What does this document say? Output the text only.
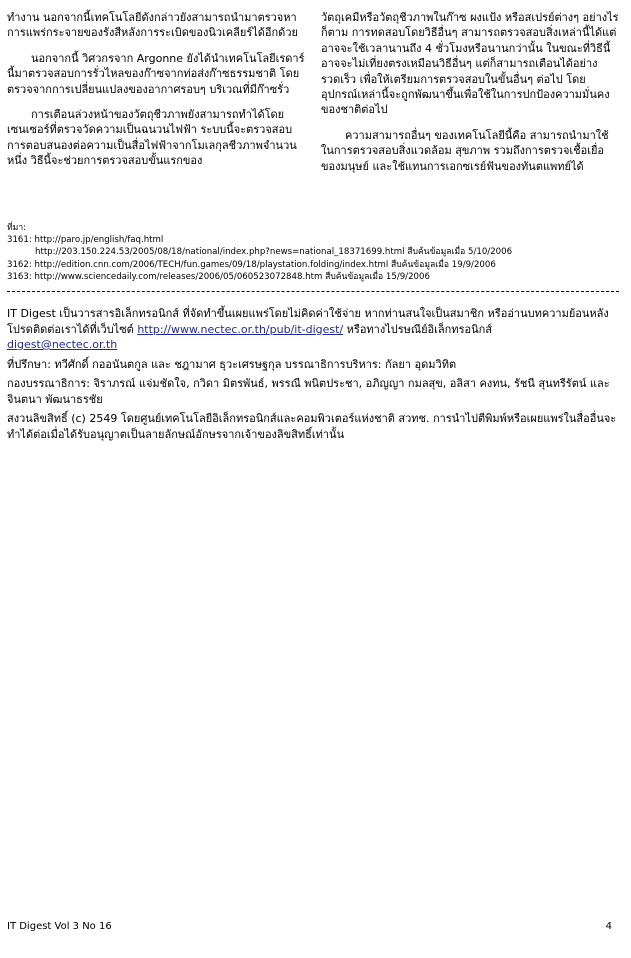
ทำงาน นอกจากนี้เทคโนโลยีดังกล่าวยังสามารถนำมาตรวจหาการแพร่กระจายของรังสีหลังการระเบิดของนิวเคลียร์ได้อีกด้วย

นอกจากนี้ วิศวกรจาก Argonne ยังได้นำเทคโนโลยีเรดาร์นี้มาตรวจสอบการรั่วไหลของก๊าซจากท่อส่งก๊าซธรรมชาติ โดยตรวจจากการเปลี่ยนแปลงของอากาศรอบๆ บริเวณที่มีก๊าซรั่ว

การเตือนล่วงหน้าของวัตถุชีวภาพยังสามารถทำได้โดยเซนเซอร์ที่ตรวจวัดความเป็นฉนวนไฟฟ้า ระบบนี้จะตรวจสอบการตอบสนองต่อความเป็นสื่อไฟฟ้าจากโมเลกุลชีวภาพจำนวนหนึ่ง วิธีนี้จะช่วยการตรวจสอบขั้นแรกของ

วัตถุเคมีหรือวัตถุชีวภาพในก๊าซ ผงแป้ง หรือสเปรย์ต่างๆ อย่างไรก็ตาม การทดสอบโดยวิธีอื่นๆ สามารถตรวจสอบสิ่งเหล่านี้ได้แต่อาจจะใช้เวลานานถึง 4 ชั่วโมงหรือนานกว่านั้น ในขณะที่วิธีนี้อาจจะไม่เที่ยงตรงเหมือนวิธีอื่นๆ แต่ก็สามารถเตือนได้อย่างรวดเร็ว เพื่อให้เตรียมการตรวจสอบในขั้นอื่นๆ ต่อไป โดยอุปกรณ์เหล่านี้จะถูกพัฒนาขึ้นเพื่อใช้ในการปกป้องความมั่นคงของชาติต่อไป

ความสามารถอื่นๆ ของเทคโนโลยีนี้คือ สามารถนำมาใช้ในการตรวจสอบสิ่งแวดล้อม สุขภาพ รวมถึงการตรวจเชื้อเยื่อของมนุษย์ และใช้แทนการเอกซเรย์ฟันของทันตแพทย์ได้

ที่มา:
3161: http://paro.jp/english/faq.html
http://203.150.224.53/2005/08/18/national/index.php?news=national_18371699.html สืบค้นข้อมูลเมื่อ 5/10/2006
3162: http://edition.cnn.com/2006/TECH/fun.games/09/18/playstation.folding/index.html สืบค้นข้อมูลเมื่อ 19/9/2006
3163: http://www.sciencedaily.com/releases/2006/05/060523072848.htm สืบค้นข้อมูลเมื่อ 15/9/2006

IT Digest เป็นวารสารอิเล็กทรอนิกส์ ที่จัดทำขึ้นเผยแพร่โดยไม่คิดค่าใช้จ่าย หากท่านสนใจเป็นสมาชิก หรืออ่านบทความย้อนหลัง โปรดติดต่อเราได้ที่เว็บไซต์ http://www.nectec.or.th/pub/it-digest/ หรือทางไปรษณีย์อิเล็กทรอนิกส์
digest@nectec.or.th

ที่ปรึกษา: ทวีศักดิ์ กออนันตกูล และ ชฎามาศ ธุวะเศรษฐกุล บรรณาธิการบริหาร: กัลยา อุดมวิทิต

กองบรรณาธิการ: จิราภรณ์ แจ่มชัดใจ, กวิดา มิตรพันธ์, พรรณี พนิตประชา, อภิญญา กมลสุข, อลิสา คงทน, รัชนี สุนทรีรัตน์ และจินตนา พัฒนาธรชัย

สงวนลิขสิทธิ์ (c) 2549 โดยศูนย์เทคโนโลยีอิเล็กทรอนิกส์และคอมพิวเตอร์แห่งชาติ สวทช. การนำไปตีพิมพ์หรือเผยแพร่ในสื่ออื่นจะทำได้ต่อเมื่อได้รับอนุญาตเป็นลายลักษณ์อักษรจากเจ้าของลิขสิทธิ์เท่านั้น

IT Digest Vol 3 No 16	4
